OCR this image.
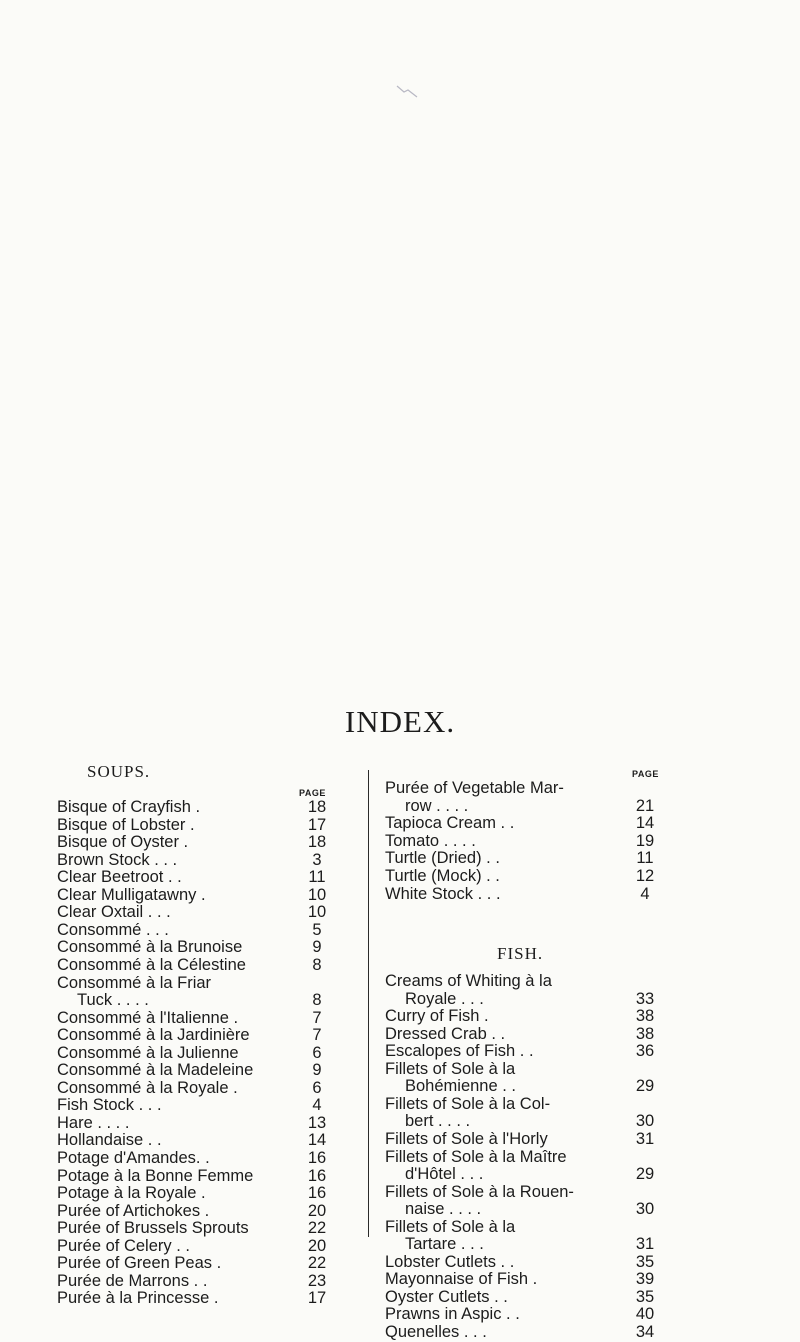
INDEX.
SOUPS.
PAGE
Bisque of Crayfish .	18
Bisque of Lobster .	17
Bisque of Oyster .	18
Brown Stock . . .	3
Clear Beetroot . .	11
Clear Mulligatawny .	10
Clear Oxtail . . .	10
Consommé . . .	5
Consommé à la Brunoise	9
Consommé à la Célestine	8
Consommé à la Friar
Tuck . . . .	8
Consommé à l'Italienne .	7
Consommé à la Jardinière	7
Consommé à la Julienne	6
Consommé à la Madeleine	9
Consommé à la Royale .	6
Fish Stock . . .	4
Hare . . . .	13
Hollandaise . .	14
Potage d'Amandes. .	16
Potage à la Bonne Femme	16
Potage à la Royale .	16
Purée of Artichokes .	20
Purée of Brussels Sprouts	22
Purée of Celery . .	20
Purée of Green Peas .	22
Purée de Marrons . .	23
Purée à la Princesse .	17
PAGE
Purée of Vegetable Mar-
row . . . .	21
Tapioca Cream . .	14
Tomato . . . .	19
Turtle (Dried) . .	11
Turtle (Mock) . .	12
White Stock . . .	4
FISH.
Creams of Whiting à la
Royale . . .	33
Curry of Fish .	38
Dressed Crab . .	38
Escalopes of Fish . .	36
Fillets of Sole à la
Bohémienne . .	29
Fillets of Sole à la Col-
bert . . . .	30
Fillets of Sole à l'Horly	31
Fillets of Sole à la Maître
d'Hôtel . . .	29
Fillets of Sole à la Rouen-
naise . . . .	30
Fillets of Sole à la
Tartare . . .	31
Lobster Cutlets . .	35
Mayonnaise of Fish .	39
Oyster Cutlets . .	35
Prawns in Aspic . .	40
Quenelles . . .	34
